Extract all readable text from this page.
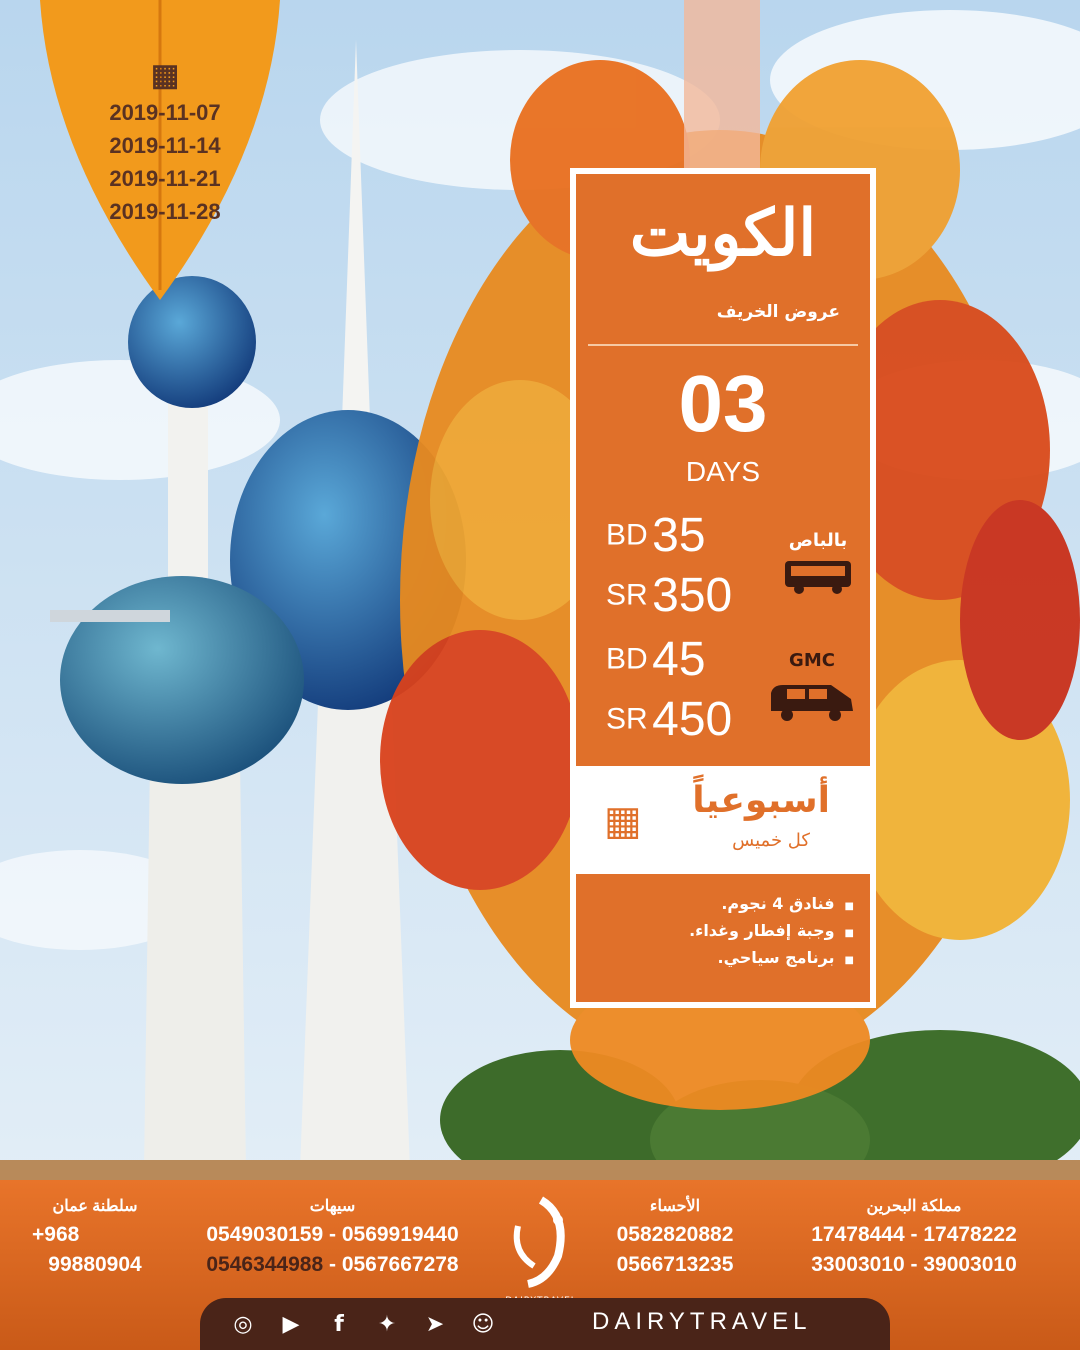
▦
2019-11-07
2019-11-14
2019-11-21
2019-11-28	الكويت
عروض الخريف
03
DAYS
BD 35
SR 350
بالباص
BD 45
SR 450
GMC
أسبوعياً
كل خميس
▦
■ فنادق 4 نجوم.
■ وجبة إفطار وغداء.
■ برنامج سياحي.
مملكة البحرين
17478444 - 17478222
33003010 - 39003010
الأحساء
0582820882
0566713235
سيهات
0549030159 - 0569919440
0546344988 - 0567667278
سلطنة عمان
+968
99880904
◎	▶	f	✦	➤	☺	DAIRYTRAVEL
